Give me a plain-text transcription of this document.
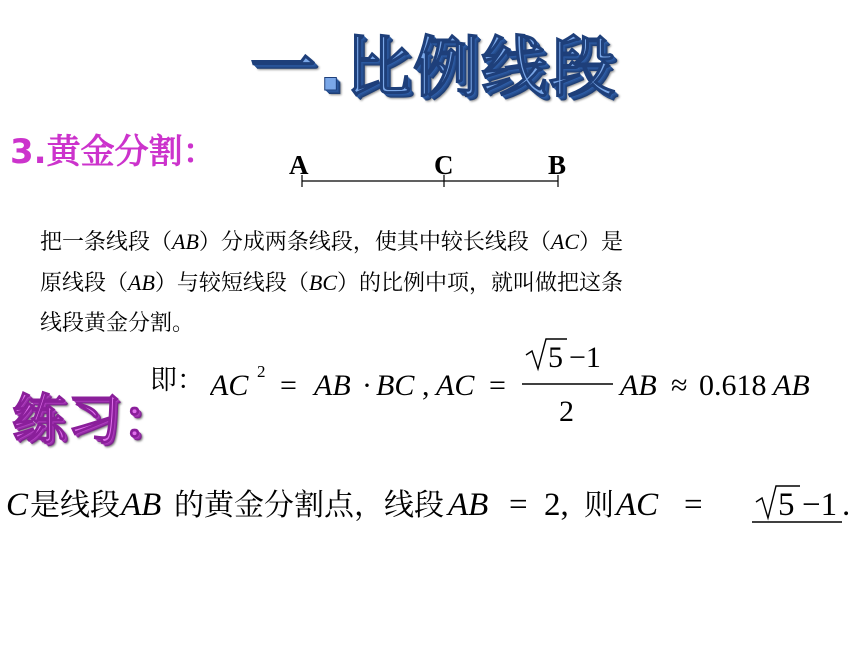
一.比例线段
3.黄金分割：	A	C	B
把一条线段（AB）分成两条线段，使其中较长线段（AC）是
原线段（AB）与较短线段（BC）的比例中项，就叫做把这条
线段黄金分割。
即： AC 2 = AB · BC , AC =
5 −1
2
AB ≈ 0.618 AB
练习：
C 是线段 AB 的黄金分割点，线段 AB = 2, 则 AC = 5 −1 .
